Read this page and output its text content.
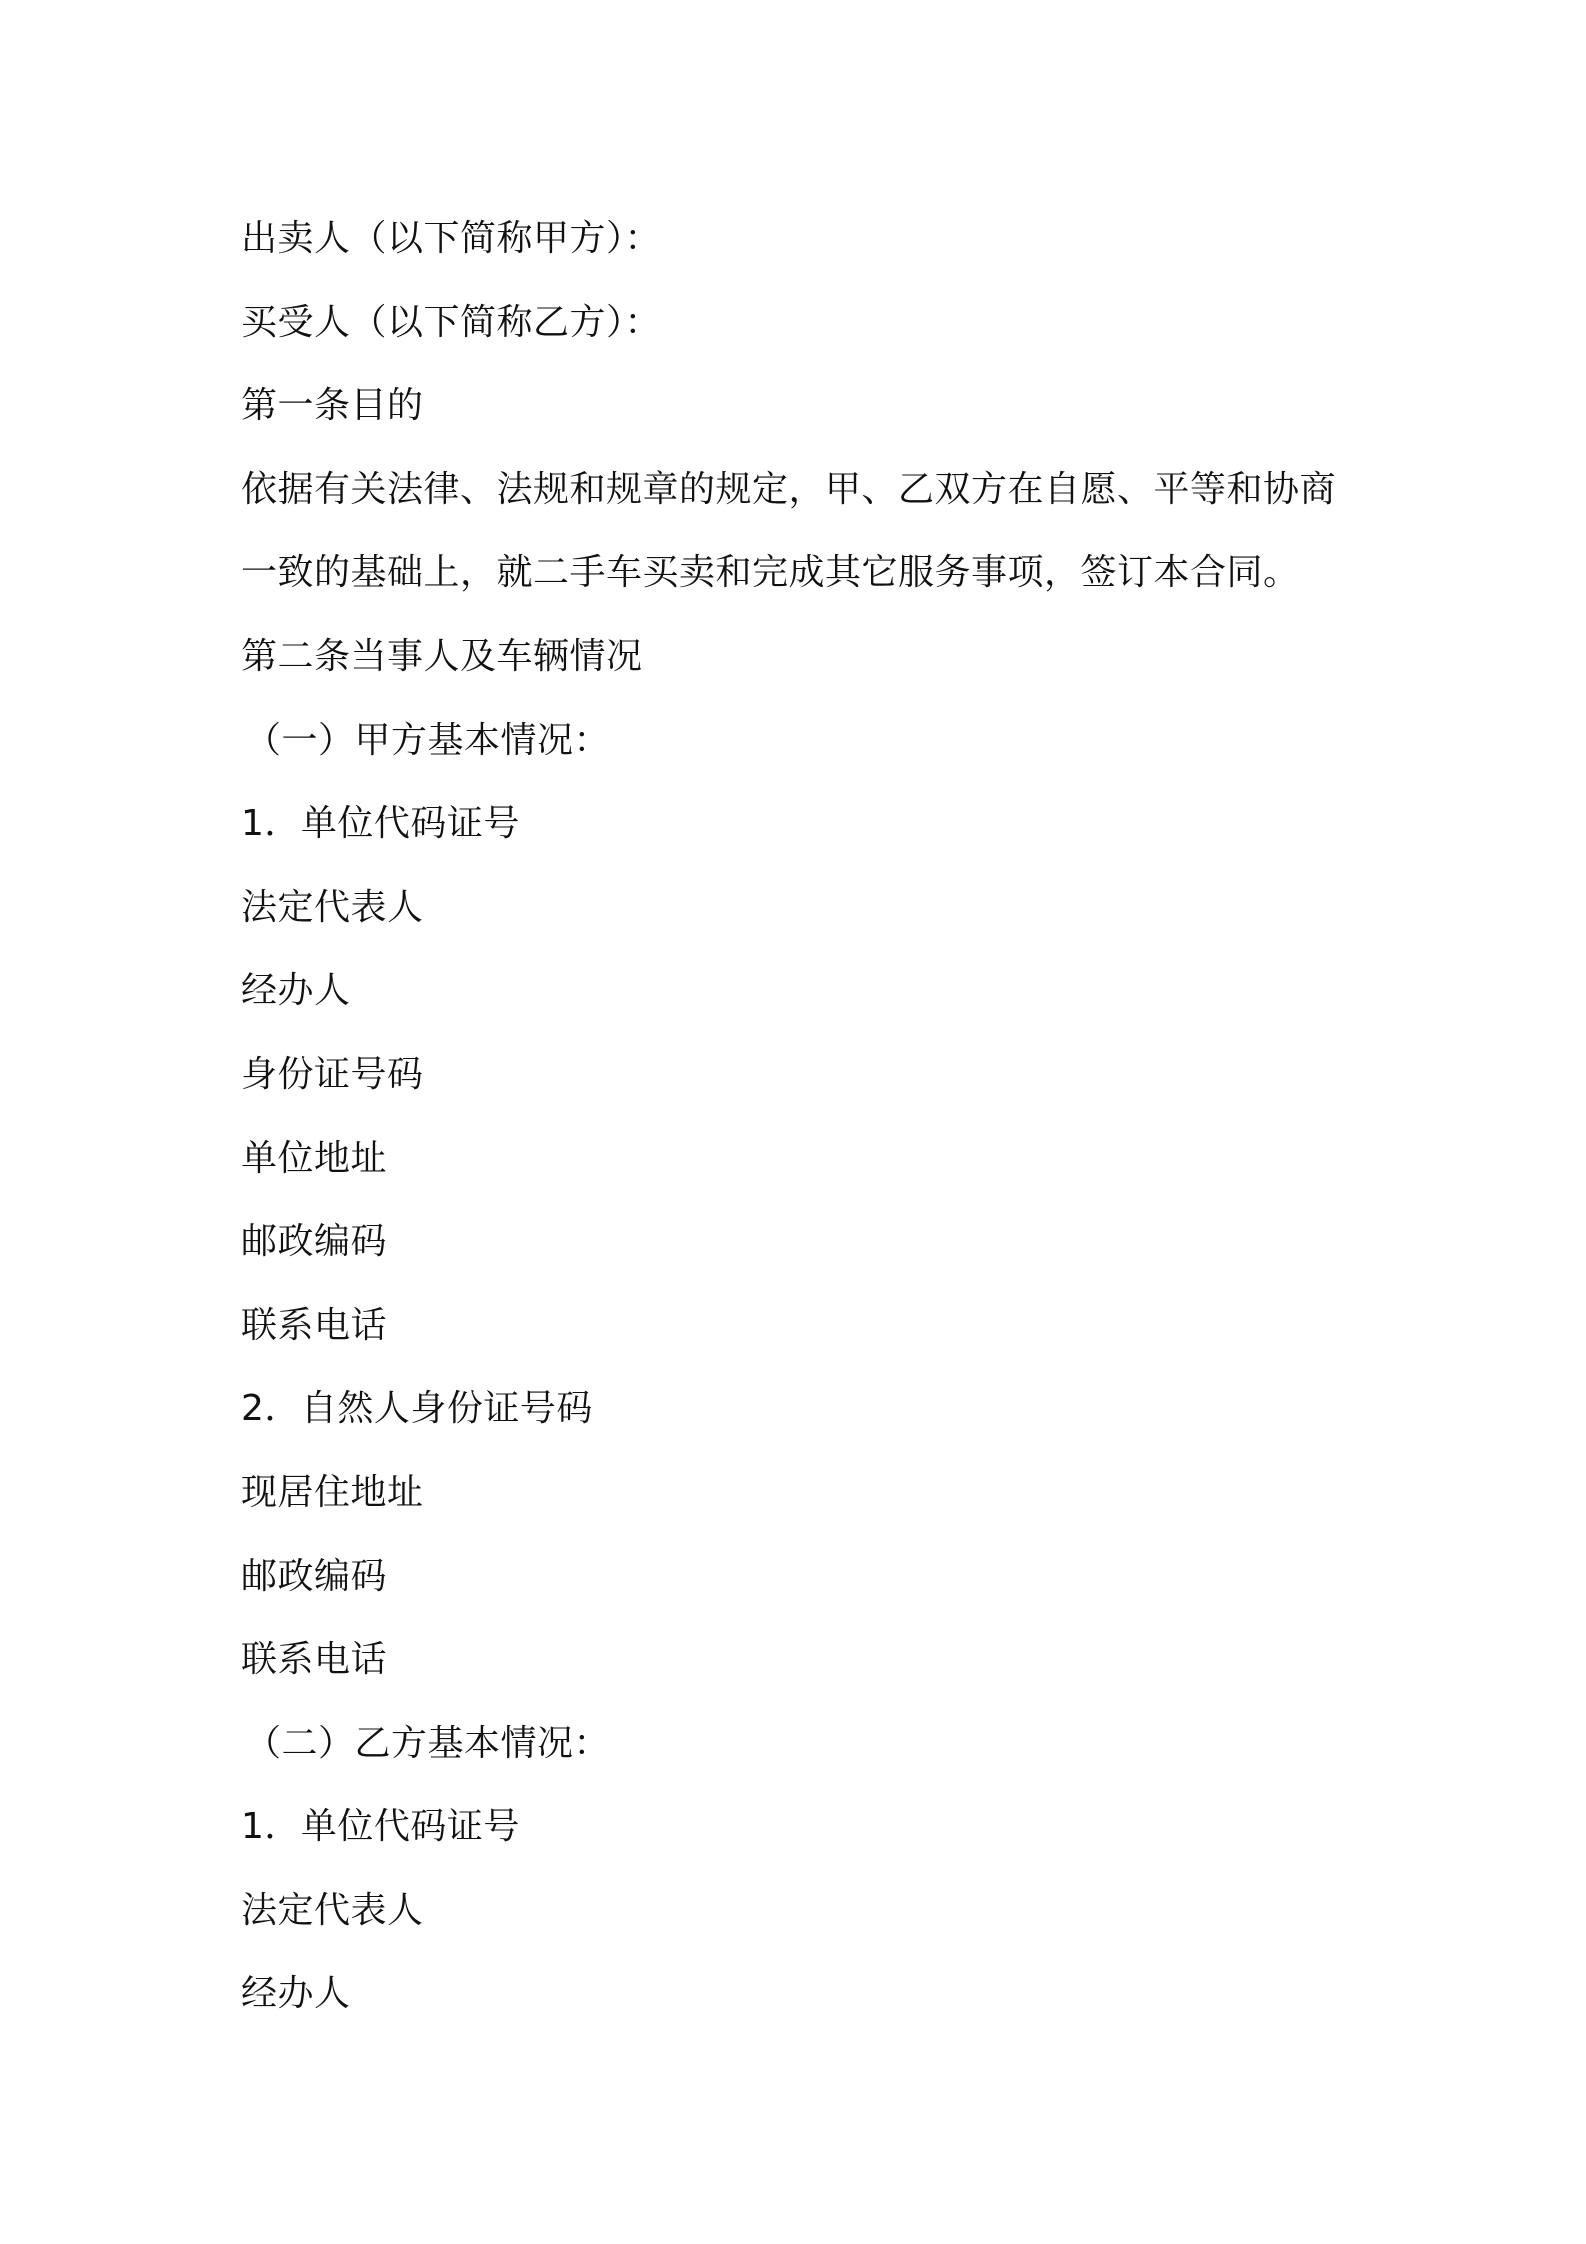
出卖人（以下简称甲方）：
买受人（以下简称乙方）：
第一条目的
依据有关法律、法规和规章的规定，甲、乙双方在自愿、平等和协商
一致的基础上，就二手车买卖和完成其它服务事项，签订本合同。
第二条当事人及车辆情况
（一）甲方基本情况：
1．单位代码证号
法定代表人
经办人
身份证号码
单位地址
邮政编码
联系电话
2．自然人身份证号码
现居住地址
邮政编码
联系电话
（二）乙方基本情况：
1．单位代码证号
法定代表人
经办人
